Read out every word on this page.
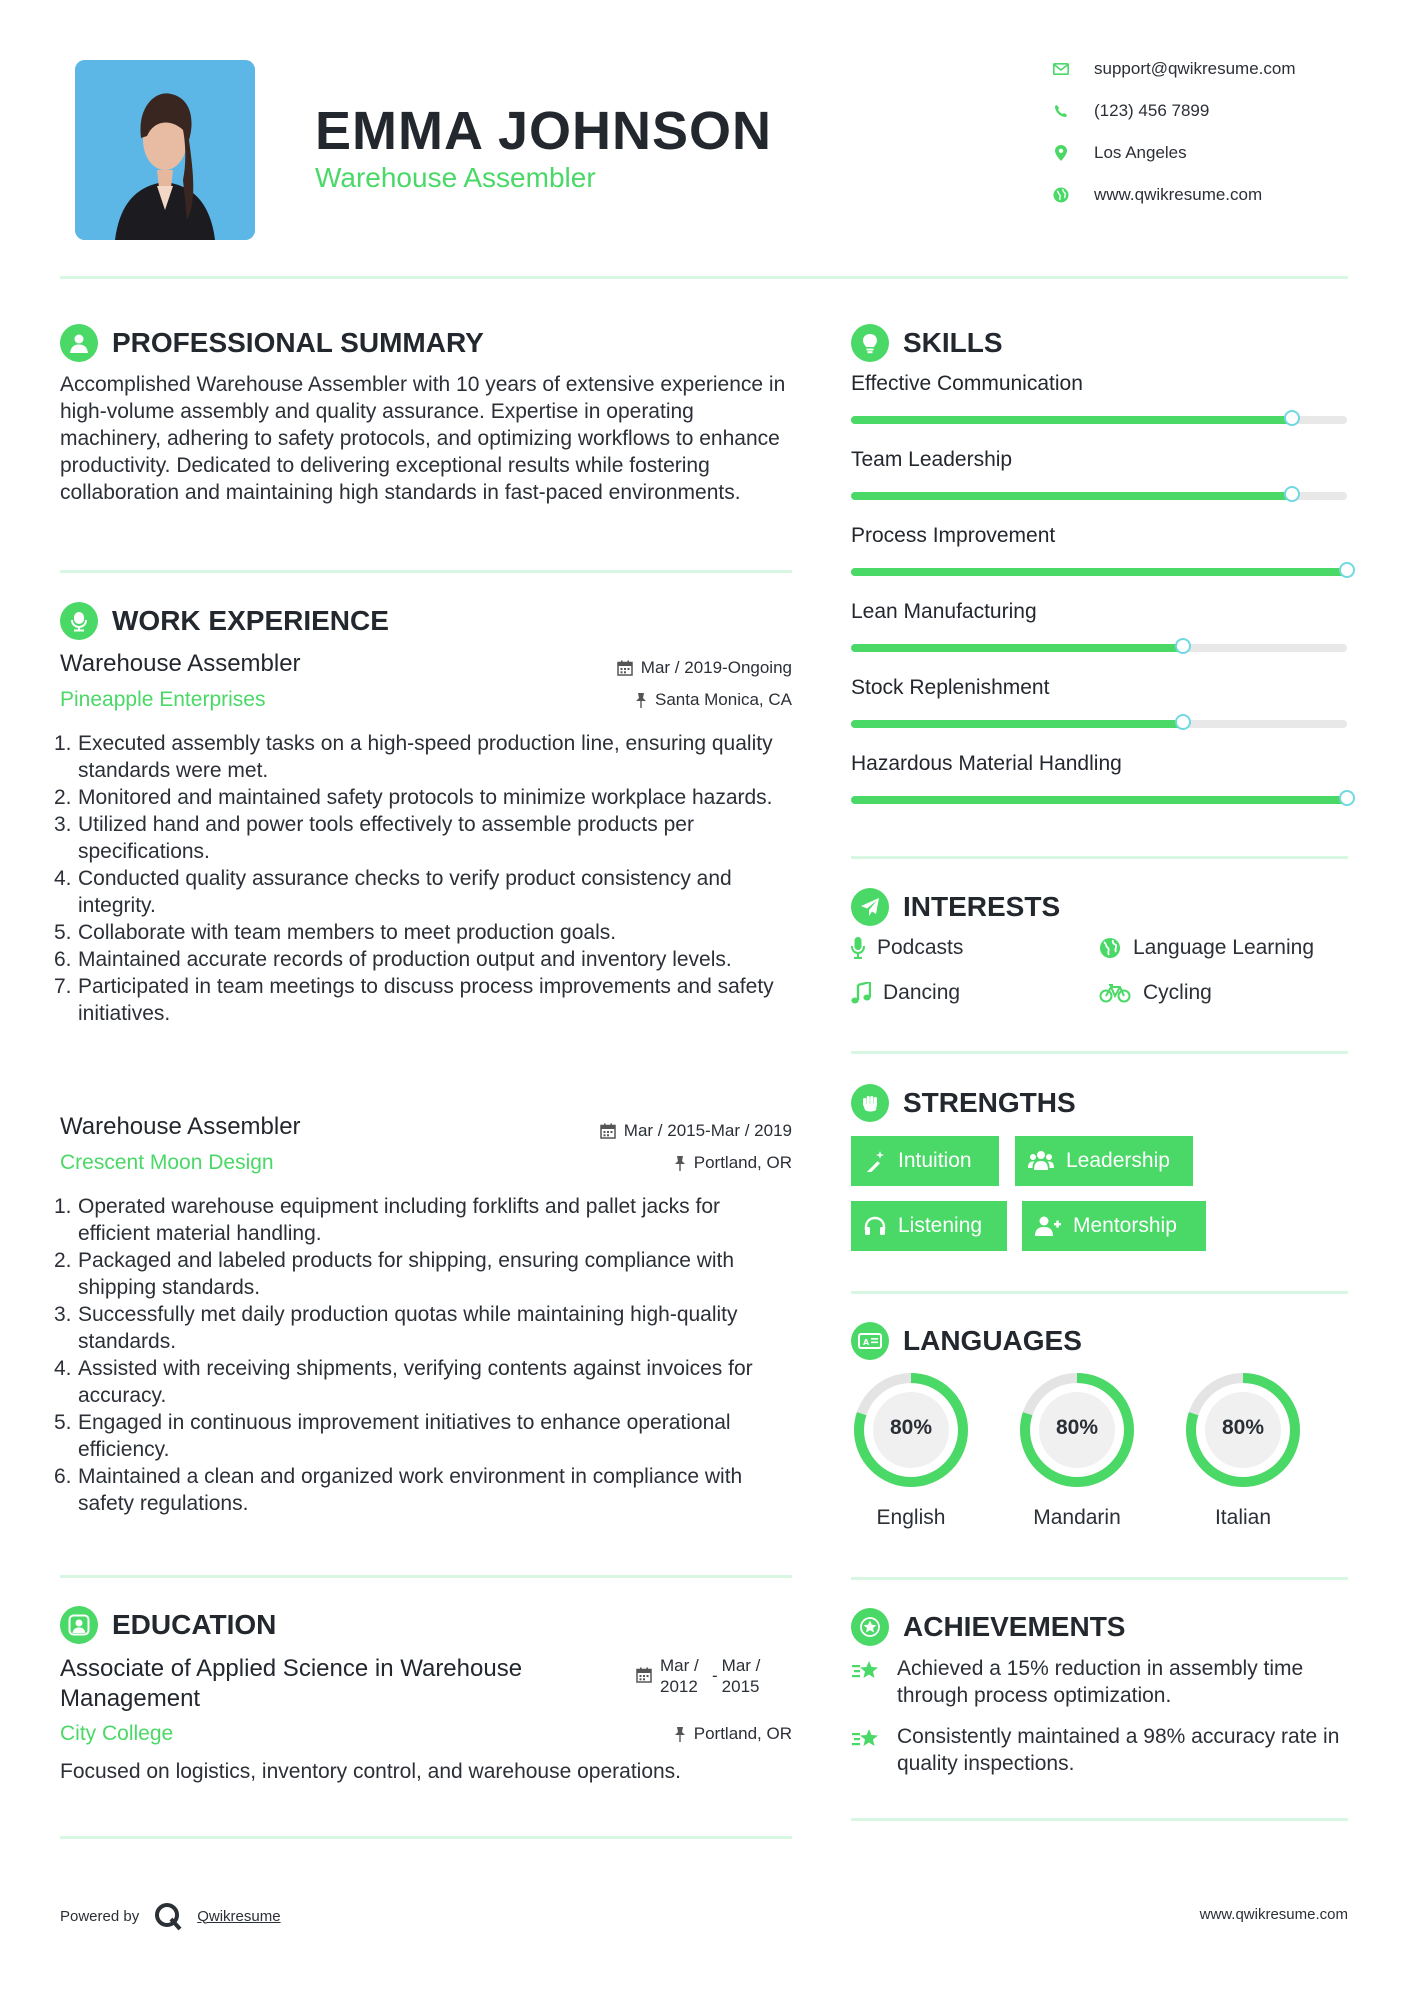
EMMA JOHNSON
Warehouse Assembler
support@qwikresume.com
(123) 456 7899
Los Angeles
www.qwikresume.com
PROFESSIONAL SUMMARY
Accomplished Warehouse Assembler with 10 years of extensive experience in high-volume assembly and quality assurance. Expertise in operating machinery, adhering to safety protocols, and optimizing workflows to enhance productivity. Dedicated to delivering exceptional results while fostering collaboration and maintaining high standards in fast-paced environments.
WORK EXPERIENCE
Warehouse Assembler	Mar / 2019-Ongoing
Pineapple Enterprises	Santa Monica, CA
1. Executed assembly tasks on a high-speed production line, ensuring quality standards were met.
2. Monitored and maintained safety protocols to minimize workplace hazards.
3. Utilized hand and power tools effectively to assemble products per specifications.
4. Conducted quality assurance checks to verify product consistency and integrity.
5. Collaborate with team members to meet production goals.
6. Maintained accurate records of production output and inventory levels.
7. Participated in team meetings to discuss process improvements and safety initiatives.
Warehouse Assembler	Mar / 2015-Mar / 2019
Crescent Moon Design	Portland, OR
1. Operated warehouse equipment including forklifts and pallet jacks for efficient material handling.
2. Packaged and labeled products for shipping, ensuring compliance with shipping standards.
3. Successfully met daily production quotas while maintaining high-quality standards.
4. Assisted with receiving shipments, verifying contents against invoices for accuracy.
5. Engaged in continuous improvement initiatives to enhance operational efficiency.
6. Maintained a clean and organized work environment in compliance with safety regulations.
EDUCATION
Associate of Applied Science in Warehouse Management
Mar / 2012
-
Mar / 2015
City College	Portland, OR
Focused on logistics, inventory control, and warehouse operations.
SKILLS
Effective Communication
Team Leadership
Process Improvement
Lean Manufacturing
Stock Replenishment
Hazardous Material Handling
INTERESTS
Podcasts	Language Learning
Dancing	Cycling
STRENGTHS
Intuition	Leadership
Listening	Mentorship
A LANGUAGES
80%
English
80%
Mandarin
80%
Italian
ACHIEVEMENTS
Achieved a 15% reduction in assembly time through process optimization.
Consistently maintained a 98% accuracy rate in quality inspections.
Powered by	Qwikresume	www.qwikresume.com
